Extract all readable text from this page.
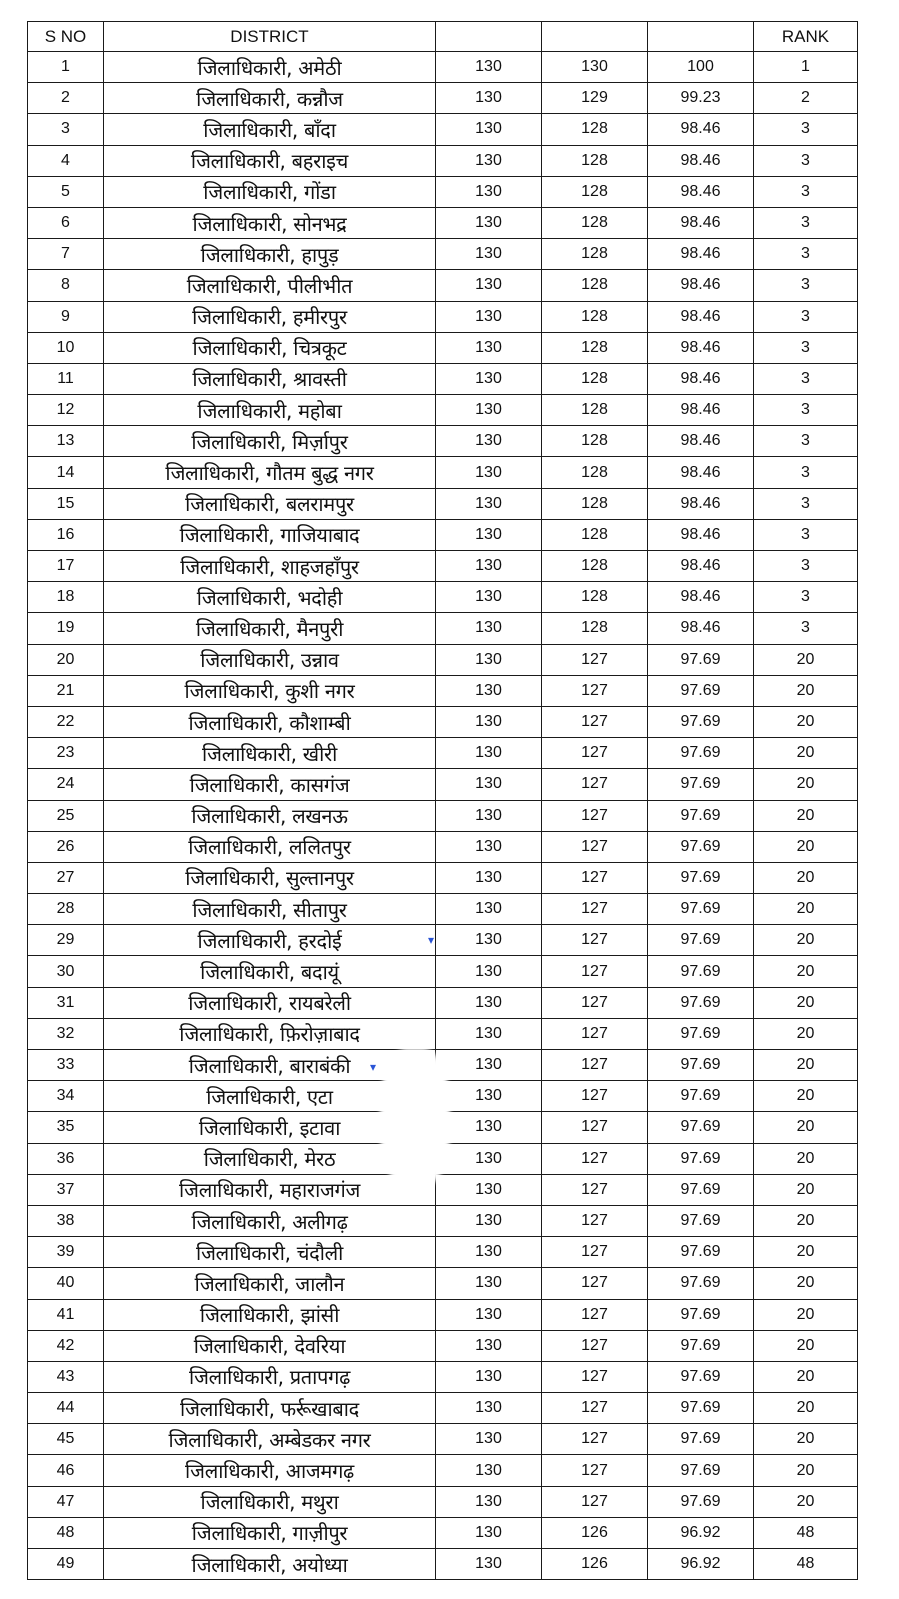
S NO	DISTRICT				RANK
1	जिलाधिकारी, अमेठी	130	130	100	1
2	जिलाधिकारी, कन्नौज	130	129	99.23	2
3	जिलाधिकारी, बाँदा	130	128	98.46	3
4	जिलाधिकारी, बहराइच	130	128	98.46	3
5	जिलाधिकारी, गोंडा	130	128	98.46	3
6	जिलाधिकारी, सोनभद्र	130	128	98.46	3
7	जिलाधिकारी, हापुड़	130	128	98.46	3
8	जिलाधिकारी, पीलीभीत	130	128	98.46	3
9	जिलाधिकारी, हमीरपुर	130	128	98.46	3
10	जिलाधिकारी, चित्रकूट	130	128	98.46	3
11	जिलाधिकारी, श्रावस्ती	130	128	98.46	3
12	जिलाधिकारी, महोबा	130	128	98.46	3
13	जिलाधिकारी, मिर्ज़ापुर	130	128	98.46	3
14	जिलाधिकारी, गौतम बुद्ध नगर	130	128	98.46	3
15	जिलाधिकारी, बलरामपुर	130	128	98.46	3
16	जिलाधिकारी, गाजियाबाद	130	128	98.46	3
17	जिलाधिकारी, शाहजहाँपुर	130	128	98.46	3
18	जिलाधिकारी, भदोही	130	128	98.46	3
19	जिलाधिकारी, मैनपुरी	130	128	98.46	3
20	जिलाधिकारी, उन्नाव	130	127	97.69	20
21	जिलाधिकारी, कुशी नगर	130	127	97.69	20
22	जिलाधिकारी, कौशाम्बी	130	127	97.69	20
23	जिलाधिकारी, खीरी	130	127	97.69	20
24	जिलाधिकारी, कासगंज	130	127	97.69	20
25	जिलाधिकारी, लखनऊ	130	127	97.69	20
26	जिलाधिकारी, ललितपुर	130	127	97.69	20
27	जिलाधिकारी, सुल्तानपुर	130	127	97.69	20
28	जिलाधिकारी, सीतापुर	130	127	97.69	20
29	जिलाधिकारी, हरदोई	130	127	97.69	20
30	जिलाधिकारी, बदायूं	130	127	97.69	20
31	जिलाधिकारी, रायबरेली	130	127	97.69	20
32	जिलाधिकारी, फ़िरोज़ाबाद	130	127	97.69	20
33	जिलाधिकारी, बाराबंकी	130	127	97.69	20
34	जिलाधिकारी, एटा	130	127	97.69	20
35	जिलाधिकारी, इटावा	130	127	97.69	20
36	जिलाधिकारी, मेरठ	130	127	97.69	20
37	जिलाधिकारी, महाराजगंज	130	127	97.69	20
38	जिलाधिकारी, अलीगढ़	130	127	97.69	20
39	जिलाधिकारी, चंदौली	130	127	97.69	20
40	जिलाधिकारी, जालौन	130	127	97.69	20
41	जिलाधिकारी, झांसी	130	127	97.69	20
42	जिलाधिकारी, देवरिया	130	127	97.69	20
43	जिलाधिकारी, प्रतापगढ़	130	127	97.69	20
44	जिलाधिकारी, फर्रूखाबाद	130	127	97.69	20
45	जिलाधिकारी, अम्बेडकर नगर	130	127	97.69	20
46	जिलाधिकारी, आजमगढ़	130	127	97.69	20
47	जिलाधिकारी, मथुरा	130	127	97.69	20
48	जिलाधिकारी, गाज़ीपुर	130	126	96.92	48
49	जिलाधिकारी, अयोध्या	130	126	96.92	48
▾
▾
